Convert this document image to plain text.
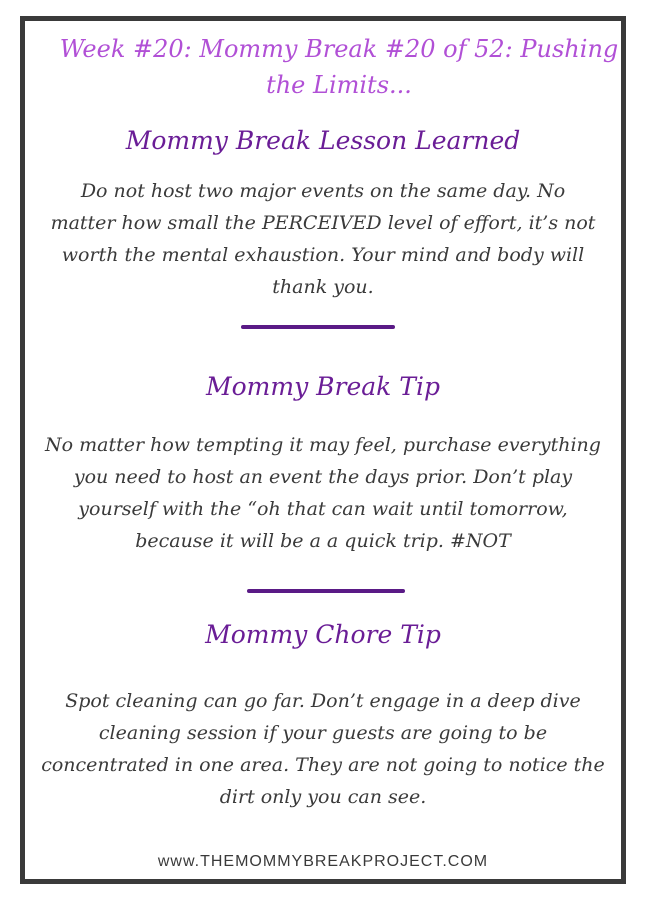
Week #20: Mommy Break #20 of 52: Pushing
the Limits...
Mommy Break Lesson Learned
Do not host two major events on the same day. No
matter how small the PERCEIVED level of effort, it’s not
worth the mental exhaustion. Your mind and body will
thank you.
Mommy Break Tip
No matter how tempting it may feel, purchase everything
you need to host an event the days prior. Don’t play
yourself with the “oh that can wait until tomorrow,
because it will be a a quick trip. #NOT
Mommy Chore Tip
Spot cleaning can go far. Don’t engage in a deep dive
cleaning session if your guests are going to be
concentrated in one area. They are not going to notice the
dirt only you can see.
www.THEMOMMYBREAKPROJECT.COM
